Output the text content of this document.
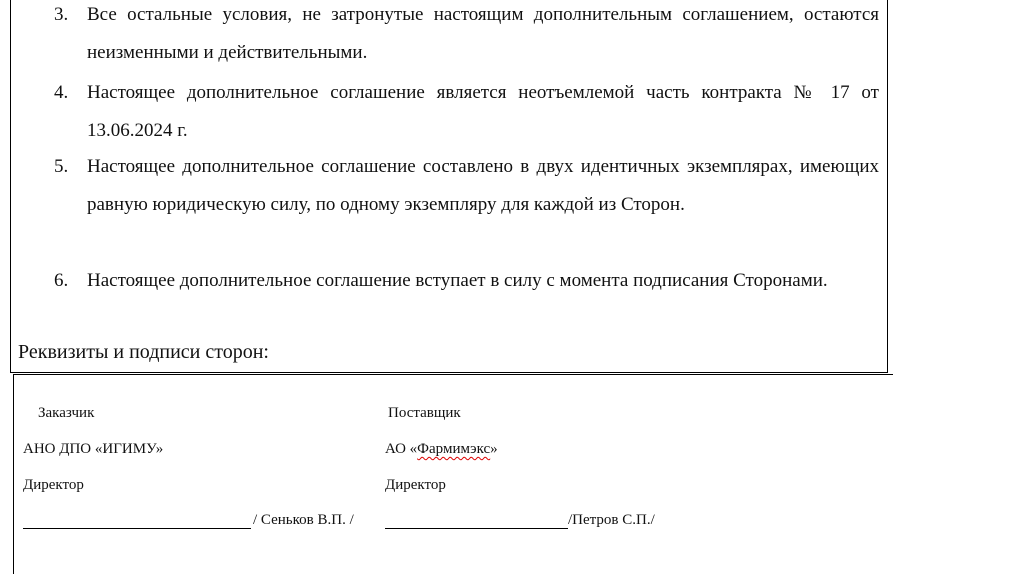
3. Все остальные условия, не затронутые настоящим дополнительным соглашением, остаются неизменными и действительными.
4. Настоящее дополнительное соглашение является неотъемлемой часть контракта № 17 от 13.06.2024 г.
5. Настоящее дополнительное соглашение составлено в двух идентичных экземплярах, имеющих равную юридическую силу, по одному экземпляру для каждой из Сторон.
6. Настоящее дополнительное соглашение вступает в силу с момента подписания Сторонами.
Реквизиты и подписи сторон:
Заказчик
АНО ДПО «ИГИМУ»
Директор
/ Сеньков В.П. /
Поставщик
АО «Фармимэкс»
Директор
/Петров С.П./
